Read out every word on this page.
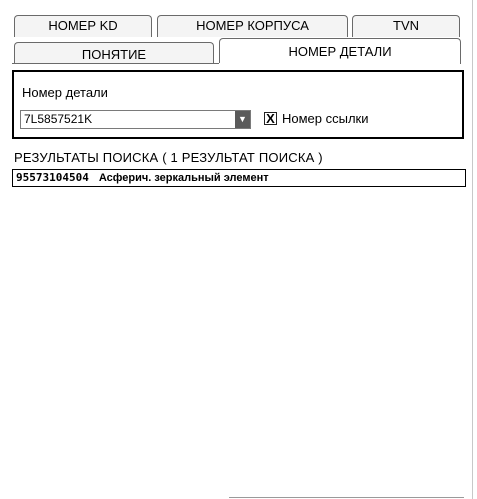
НОМЕР KD	НОМЕР КОРПУСА	TVN
ПОНЯТИЕ	НОМЕР ДЕТАЛИ
Номер детали
7L5857521K	▼ X Номер ссылки
РЕЗУЛЬТАТЫ ПОИСКА ( 1 РЕЗУЛЬТАТ ПОИСКА )
95573104504 Асферич. зеркальный элемент
